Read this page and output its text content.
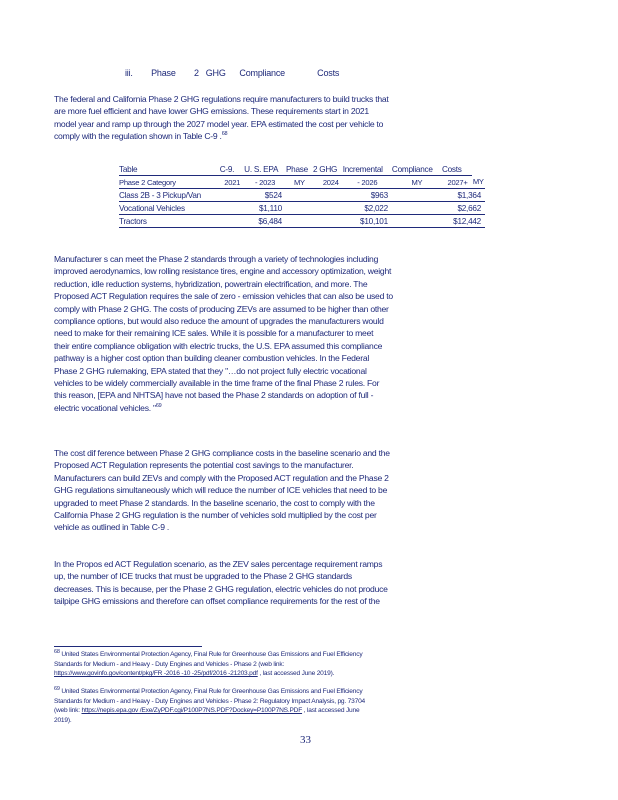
iii.        Phase        2   GHG      Compliance              Costs

The federal and California Phase 2 GHG regulations require manufacturers to build trucks that

are more fuel efficient and have lower GHG emissions. These requirements start in 2021

model year and ramp up through the 2027 model year. EPA estimated the cost per vehicle to

comply with the regulation shown in Table C-9 .$^{68}$

Table	C-9.	U. S. EPA	Phase	2 GHG	Incremental	Compliance	Costs	
Phase 2 Category	2021	- 2023	MY	2024	- 2026	MY	2027+	MY
Class 2B - 3 Pickup/Van	$524			$963			$1,364	
Vocational Vehicles	$1,110			$2,022			$2,662	
Tractors	$6,484			$10,101			$12,442	

Manufacturer s can meet the Phase 2 standards through a variety of technologies including

improved aerodynamics, low rolling resistance tires, engine and accessory optimization, weight

reduction, idle reduction systems, hybridization, powertrain electrification, and more. The

Proposed ACT Regulation requires the sale of zero - emission vehicles that can also be used to

comply with Phase 2 GHG. The costs of producing ZEVs are assumed to be higher than other

compliance options, but would also reduce the amount of upgrades the manufacturers would

need to make for their remaining ICE sales. While it is possible for a manufacturer to meet

their entire compliance obligation with electric trucks, the U.S. EPA assumed this compliance

pathway is a higher cost option than building cleaner combustion vehicles. In the Federal

Phase 2 GHG rulemaking, EPA stated that they "…do not project fully electric vocational

vehicles to be widely commercially available in the time frame of the final Phase 2 rules. For

this reason, [EPA and NHTSA] have not based the Phase 2 standards on adoption of full -

electric vocational vehicles. "$^{69}$

The cost dif ference between Phase 2 GHG compliance costs in the baseline scenario and the

Proposed ACT Regulation represents the potential cost savings to the manufacturer.

Manufacturers can build ZEVs and comply with the Proposed ACT regulation and the Phase 2

GHG regulations simultaneously which will reduce the number of ICE vehicles that need to be

upgraded to meet Phase 2 standards. In the baseline scenario, the cost to comply with the

California Phase 2 GHG regulation is the number of vehicles sold multiplied by the cost per

vehicle as outlined in Table C-9 .

In the Propos ed ACT Regulation scenario, as the ZEV sales percentage requirement ramps

up, the number of ICE trucks that must be upgraded to the Phase 2 GHG standards

decreases. This is because, per the Phase 2 GHG regulation, electric vehicles do not produce

tailpipe GHG emissions and therefore can offset compliance requirements for the rest of the

$^{68}$ United States Environmental Protection Agency, Final Rule for Greenhouse Gas Emissions and Fuel Efficiency

Standards for Medium - and Heavy - Duty Engines and Vehicles - Phase 2 (web link:

https://www.govinfo.gov/content/pkg/FR -2016 -10 -25/pdf/2016 -21203.pdf , last accessed June 2019).

$^{69}$ United States Environmental Protection Agency, Final Rule for Greenhouse Gas Emissions and Fuel Efficiency

Standards for Medium - and Heavy - Duty Engines and Vehicles - Phase 2: Regulatory Impact Analysis, pg. 73704

(web link: https://nepis.epa.gov /Exe/ZyPDF.cgi/P100P7NS.PDF?Dockey=P100P7NS.PDF , last accessed June

2019).

33
